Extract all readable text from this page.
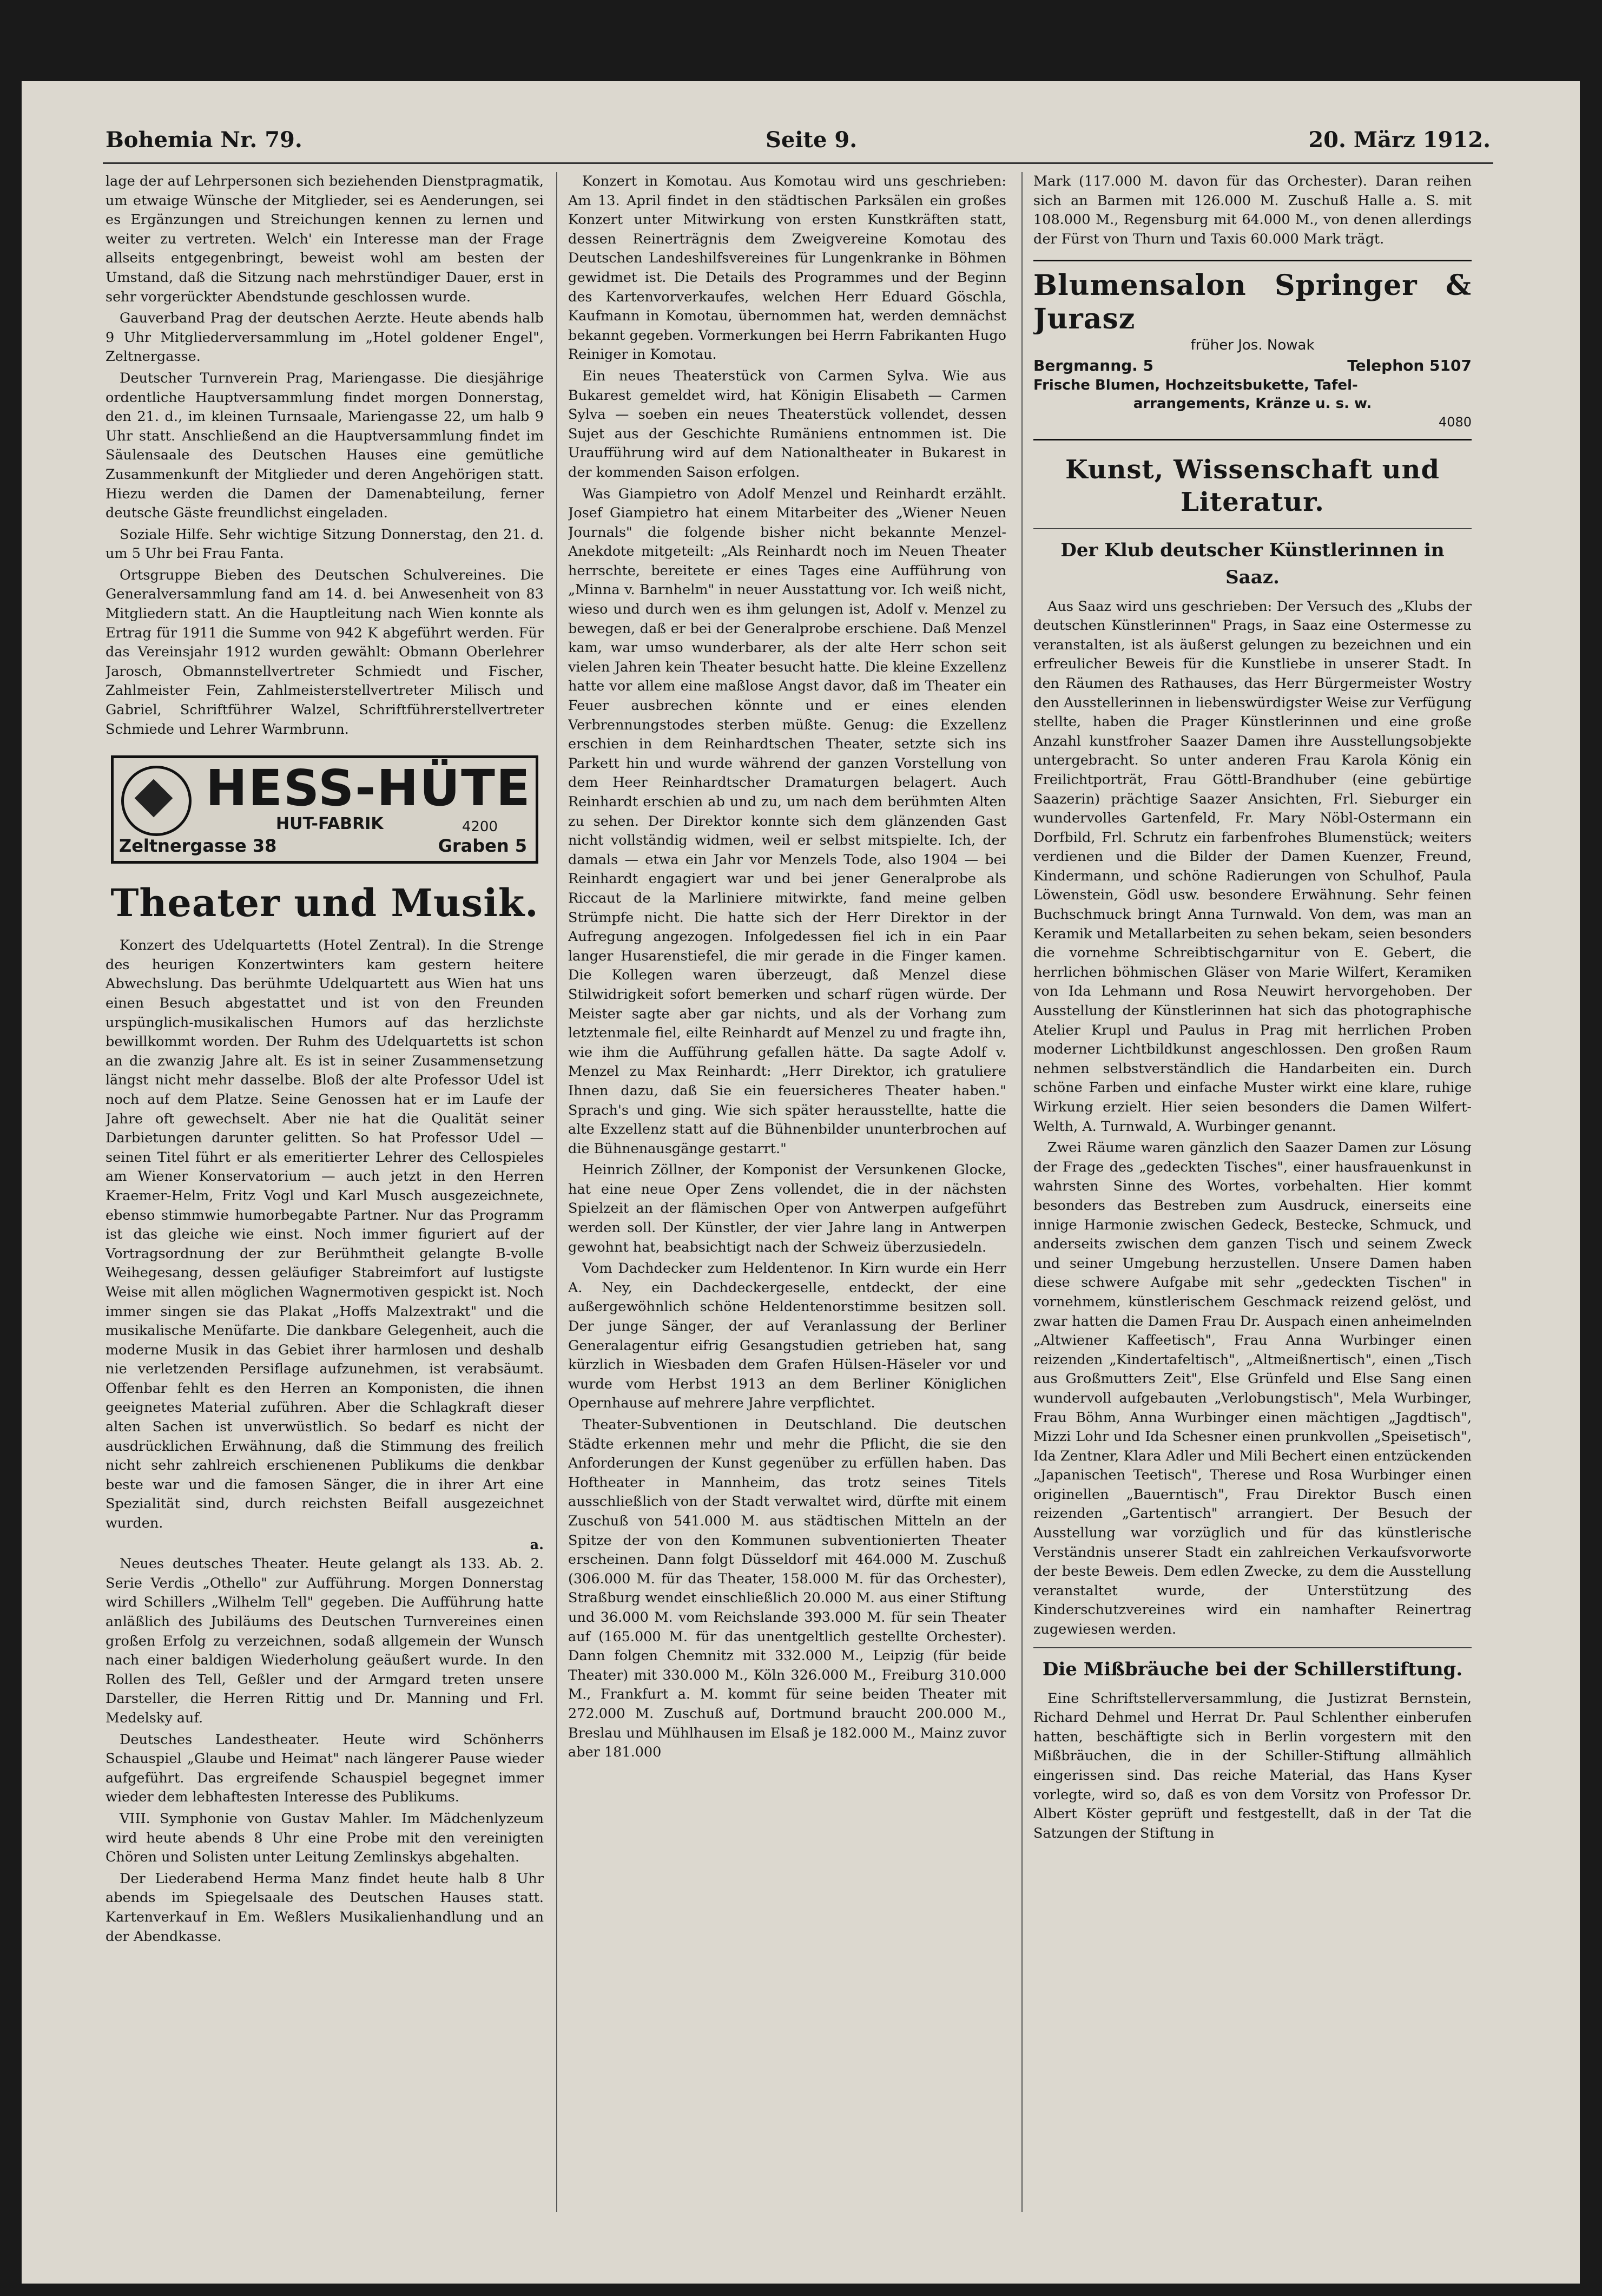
Bohemia Nr. 79.	Seite 9.	20. März 1912.

lage der auf Lehrpersonen sich beziehenden Dienstpragmatik, um etwaige Wünsche der Mitglieder, sei es Aenderungen, sei es Ergänzungen und Streichungen kennen zu lernen und weiter zu vertreten. Welch' ein Interesse man der Frage allseits entgegenbringt, beweist wohl am besten der Umstand, daß die Sitzung nach mehrstündiger Dauer, erst in sehr vorgerückter Abendstunde geschlossen wurde.

Gauverband Prag der deutschen Aerzte. Heute abends halb 9 Uhr Mitgliederversammlung im „Hotel goldener Engel", Zeltnergasse.

Deutscher Turnverein Prag, Mariengasse. Die diesjährige ordentliche Hauptversammlung findet morgen Donnerstag, den 21. d., im kleinen Turnsaale, Mariengasse 22, um halb 9 Uhr statt. Anschließend an die Hauptversammlung findet im Säulensaale des Deutschen Hauses eine gemütliche Zusammenkunft der Mitglieder und deren Angehörigen statt. Hiezu werden die Damen der Damenabteilung, ferner deutsche Gäste freundlichst eingeladen.

Soziale Hilfe. Sehr wichtige Sitzung Donnerstag, den 21. d. um 5 Uhr bei Frau Fanta.

Ortsgruppe Bieben des Deutschen Schulvereines. Die Generalversammlung fand am 14. d. bei Anwesenheit von 83 Mitgliedern statt. An die Hauptleitung nach Wien konnte als Ertrag für 1911 die Summe von 942 K abgeführt werden. Für das Vereinsjahr 1912 wurden gewählt: Obmann Oberlehrer Jarosch, Obmannstellvertreter Schmiedt und Fischer, Zahlmeister Fein, Zahlmeisterstellvertreter Milisch und Gabriel, Schriftführer Walzel, Schriftführerstellvertreter Schmiede und Lehrer Warmbrunn.

HESS-HÜTE
HUT-FABRIK	4200
Zeltnergasse 38	Graben 5
Theater und Musik.

Konzert des Udelquartetts (Hotel Zentral). In die Strenge des heurigen Konzertwinters kam gestern heitere Abwechslung. Das berühmte Udelquartett aus Wien hat uns einen Besuch abgestattet und ist von den Freunden urspünglich-musikalischen Humors auf das herzlichste bewillkommt worden. Der Ruhm des Udelquartetts ist schon an die zwanzig Jahre alt. Es ist in seiner Zusammensetzung längst nicht mehr dasselbe. Bloß der alte Professor Udel ist noch auf dem Platze. Seine Genossen hat er im Laufe der Jahre oft gewechselt. Aber nie hat die Qualität seiner Darbietungen darunter gelitten. So hat Professor Udel — seinen Titel führt er als emeritierter Lehrer des Cellospieles am Wiener Konservatorium — auch jetzt in den Herren Kraemer-Helm, Fritz Vogl und Karl Musch ausgezeichnete, ebenso stimmwie humorbegabte Partner. Nur das Programm ist das gleiche wie einst. Noch immer figuriert auf der Vortragsordnung der zur Berühmtheit gelangte B-volle Weihegesang, dessen geläufiger Stabreimfort auf lustigste Weise mit allen möglichen Wagnermotiven gespickt ist. Noch immer singen sie das Plakat „Hoffs Malzextrakt" und die musikalische Menüfarte. Die dankbare Gelegenheit, auch die moderne Musik in das Gebiet ihrer harmlosen und deshalb nie verletzenden Persiflage aufzunehmen, ist verabsäumt. Offenbar fehlt es den Herren an Komponisten, die ihnen geeignetes Material zuführen. Aber die Schlagkraft dieser alten Sachen ist unverwüstlich. So bedarf es nicht der ausdrücklichen Erwähnung, daß die Stimmung des freilich nicht sehr zahlreich erschienenen Publikums die denkbar beste war und die famosen Sänger, die in ihrer Art eine Spezialität sind, durch reichsten Beifall ausgezeichnet wurden.

a.

Neues deutsches Theater. Heute gelangt als 133. Ab. 2. Serie Verdis „Othello" zur Aufführung. Morgen Donnerstag wird Schillers „Wilhelm Tell" gegeben. Die Aufführung hatte anläßlich des Jubiläums des Deutschen Turnvereines einen großen Erfolg zu verzeichnen, sodaß allgemein der Wunsch nach einer baldigen Wiederholung geäußert wurde. In den Rollen des Tell, Geßler und der Armgard treten unsere Darsteller, die Herren Rittig und Dr. Manning und Frl. Medelsky auf.

Deutsches Landestheater. Heute wird Schönherrs Schauspiel „Glaube und Heimat" nach längerer Pause wieder aufgeführt. Das ergreifende Schauspiel begegnet immer wieder dem lebhaftesten Interesse des Publikums.

VIII. Symphonie von Gustav Mahler. Im Mädchenlyzeum wird heute abends 8 Uhr eine Probe mit den vereinigten Chören und Solisten unter Leitung Zemlinskys abgehalten.

Der Liederabend Herma Manz findet heute halb 8 Uhr abends im Spiegelsaale des Deutschen Hauses statt. Kartenverkauf in Em. Weßlers Musikalienhandlung und an der Abendkasse.

Konzert in Komotau. Aus Komotau wird uns geschrieben: Am 13. April findet in den städtischen Parksälen ein großes Konzert unter Mitwirkung von ersten Kunstkräften statt, dessen Reinerträgnis dem Zweigvereine Komotau des Deutschen Landeshilfsvereines für Lungenkranke in Böhmen gewidmet ist. Die Details des Programmes und der Beginn des Kartenvorverkaufes, welchen Herr Eduard Göschla, Kaufmann in Komotau, übernommen hat, werden demnächst bekannt gegeben. Vormerkungen bei Herrn Fabrikanten Hugo Reiniger in Komotau.

Ein neues Theaterstück von Carmen Sylva. Wie aus Bukarest gemeldet wird, hat Königin Elisabeth — Carmen Sylva — soeben ein neues Theaterstück vollendet, dessen Sujet aus der Geschichte Rumäniens entnommen ist. Die Uraufführung wird auf dem Nationaltheater in Bukarest in der kommenden Saison erfolgen.

Was Giampietro von Adolf Menzel und Reinhardt erzählt. Josef Giampietro hat einem Mitarbeiter des „Wiener Neuen Journals" die folgende bisher nicht bekannte Menzel-Anekdote mitgeteilt: „Als Reinhardt noch im Neuen Theater herrschte, bereitete er eines Tages eine Aufführung von „Minna v. Barnhelm" in neuer Ausstattung vor. Ich weiß nicht, wieso und durch wen es ihm gelungen ist, Adolf v. Menzel zu bewegen, daß er bei der Generalprobe erschiene. Daß Menzel kam, war umso wunderbarer, als der alte Herr schon seit vielen Jahren kein Theater besucht hatte. Die kleine Exzellenz hatte vor allem eine maßlose Angst davor, daß im Theater ein Feuer ausbrechen könnte und er eines elenden Verbrennungstodes sterben müßte. Genug: die Exzellenz erschien in dem Reinhardtschen Theater, setzte sich ins Parkett hin und wurde während der ganzen Vorstellung von dem Heer Reinhardtscher Dramaturgen belagert. Auch Reinhardt erschien ab und zu, um nach dem berühmten Alten zu sehen. Der Direktor konnte sich dem glänzenden Gast nicht vollständig widmen, weil er selbst mitspielte. Ich, der damals — etwa ein Jahr vor Menzels Tode, also 1904 — bei Reinhardt engagiert war und bei jener Generalprobe als Riccaut de la Marliniere mitwirkte, fand meine gelben Strümpfe nicht. Die hatte sich der Herr Direktor in der Aufregung angezogen. Infolgedessen fiel ich in ein Paar langer Husarenstiefel, die mir gerade in die Finger kamen. Die Kollegen waren überzeugt, daß Menzel diese Stilwidrigkeit sofort bemerken und scharf rügen würde. Der Meister sagte aber gar nichts, und als der Vorhang zum letztenmale fiel, eilte Reinhardt auf Menzel zu und fragte ihn, wie ihm die Aufführung gefallen hätte. Da sagte Adolf v. Menzel zu Max Reinhardt: „Herr Direktor, ich gratuliere Ihnen dazu, daß Sie ein feuersicheres Theater haben." Sprach's und ging. Wie sich später herausstellte, hatte die alte Exzellenz statt auf die Bühnenbilder ununterbrochen auf die Bühnenausgänge gestarrt."

Heinrich Zöllner, der Komponist der Versunkenen Glocke, hat eine neue Oper Zens vollendet, die in der nächsten Spielzeit an der flämischen Oper von Antwerpen aufgeführt werden soll. Der Künstler, der vier Jahre lang in Antwerpen gewohnt hat, beabsichtigt nach der Schweiz überzusiedeln.

Vom Dachdecker zum Heldentenor. In Kirn wurde ein Herr A. Ney, ein Dachdeckergeselle, entdeckt, der eine außergewöhnlich schöne Heldentenorstimme besitzen soll. Der junge Sänger, der auf Veranlassung der Berliner Generalagentur eifrig Gesangstudien getrieben hat, sang kürzlich in Wiesbaden dem Grafen Hülsen-Häseler vor und wurde vom Herbst 1913 an dem Berliner Königlichen Opernhause auf mehrere Jahre verpflichtet.

Theater-Subventionen in Deutschland. Die deutschen Städte erkennen mehr und mehr die Pflicht, die sie den Anforderungen der Kunst gegenüber zu erfüllen haben. Das Hoftheater in Mannheim, das trotz seines Titels ausschließlich von der Stadt verwaltet wird, dürfte mit einem Zuschuß von 541.000 M. aus städtischen Mitteln an der Spitze der von den Kommunen subventionierten Theater erscheinen. Dann folgt Düsseldorf mit 464.000 M. Zuschuß (306.000 M. für das Theater, 158.000 M. für das Orchester), Straßburg wendet einschließlich 20.000 M. aus einer Stiftung und 36.000 M. vom Reichslande 393.000 M. für sein Theater auf (165.000 M. für das unentgeltlich gestellte Orchester). Dann folgen Chemnitz mit 332.000 M., Leipzig (für beide Theater) mit 330.000 M., Köln 326.000 M., Freiburg 310.000 M., Frankfurt a. M. kommt für seine beiden Theater mit 272.000 M. Zuschuß auf, Dortmund braucht 200.000 M., Breslau und Mühlhausen im Elsaß je 182.000 M., Mainz zuvor aber 181.000

Mark (117.000 M. davon für das Orchester). Daran reihen sich an Barmen mit 126.000 M. Zuschuß Halle a. S. mit 108.000 M., Regensburg mit 64.000 M., von denen allerdings der Fürst von Thurn und Taxis 60.000 Mark trägt.

Blumensalon Springer & Jurasz
früher Jos. Nowak
Bergmanng. 5	Telephon 5107
Frische Blumen, Hochzeitsbukette, Tafel-
arrangements, Kränze u. s. w.
4080
Kunst, Wissenschaft und Literatur.
Der Klub deutscher Künstlerinnen in Saaz.

Aus Saaz wird uns geschrieben: Der Versuch des „Klubs der deutschen Künstlerinnen" Prags, in Saaz eine Ostermesse zu veranstalten, ist als äußerst gelungen zu bezeichnen und ein erfreulicher Beweis für die Kunstliebe in unserer Stadt. In den Räumen des Rathauses, das Herr Bürgermeister Wostry den Ausstellerinnen in liebenswürdigster Weise zur Verfügung stellte, haben die Prager Künstlerinnen und eine große Anzahl kunstfroher Saazer Damen ihre Ausstellungsobjekte untergebracht. So unter anderen Frau Karola König ein Freilichtporträt, Frau Göttl-Brandhuber (eine gebürtige Saazerin) prächtige Saazer Ansichten, Frl. Sieburger ein wundervolles Gartenfeld, Fr. Mary Nöbl-Ostermann ein Dorfbild, Frl. Schrutz ein farbenfrohes Blumenstück; weiters verdienen und die Bilder der Damen Kuenzer, Freund, Kindermann, und schöne Radierungen von Schulhof, Paula Löwenstein, Gödl usw. besondere Erwähnung. Sehr feinen Buchschmuck bringt Anna Turnwald. Von dem, was man an Keramik und Metallarbeiten zu sehen bekam, seien besonders die vornehme Schreibtischgarnitur von E. Gebert, die herrlichen böhmischen Gläser von Marie Wilfert, Keramiken von Ida Lehmann und Rosa Neuwirt hervorgehoben. Der Ausstellung der Künstlerinnen hat sich das photographische Atelier Krupl und Paulus in Prag mit herrlichen Proben moderner Lichtbildkunst angeschlossen. Den großen Raum nehmen selbstverständlich die Handarbeiten ein. Durch schöne Farben und einfache Muster wirkt eine klare, ruhige Wirkung erzielt. Hier seien besonders die Damen Wilfert-Welth, A. Turnwald, A. Wurbinger genannt.

Zwei Räume waren gänzlich den Saazer Damen zur Lösung der Frage des „gedeckten Tisches", einer hausfrauenkunst in wahrsten Sinne des Wortes, vorbehalten. Hier kommt besonders das Bestreben zum Ausdruck, einerseits eine innige Harmonie zwischen Gedeck, Bestecke, Schmuck, und anderseits zwischen dem ganzen Tisch und seinem Zweck und seiner Umgebung herzustellen. Unsere Damen haben diese schwere Aufgabe mit sehr „gedeckten Tischen" in vornehmem, künstlerischem Geschmack reizend gelöst, und zwar hatten die Damen Frau Dr. Auspach einen anheimelnden „Altwiener Kaffeetisch", Frau Anna Wurbinger einen reizenden „Kindertafeltisch", „Altmeißnertisch", einen „Tisch aus Großmutters Zeit", Else Grünfeld und Else Sang einen wundervoll aufgebauten „Verlobungstisch", Mela Wurbinger, Frau Böhm, Anna Wurbinger einen mächtigen „Jagdtisch", Mizzi Lohr und Ida Schesner einen prunkvollen „Speisetisch", Ida Zentner, Klara Adler und Mili Bechert einen entzückenden „Japanischen Teetisch", Therese und Rosa Wurbinger einen originellen „Bauerntisch", Frau Direktor Busch einen reizenden „Gartentisch" arrangiert. Der Besuch der Ausstellung war vorzüglich und für das künstlerische Verständnis unserer Stadt ein zahlreichen Verkaufsvorworte der beste Beweis. Dem edlen Zwecke, zu dem die Ausstellung veranstaltet wurde, der Unterstützung des Kinderschutzvereines wird ein namhafter Reinertrag zugewiesen werden.

Die Mißbräuche bei der Schillerstiftung.

Eine Schriftstellerversammlung, die Justizrat Bernstein, Richard Dehmel und Herrat Dr. Paul Schlenther einberufen hatten, beschäftigte sich in Berlin vorgestern mit den Mißbräuchen, die in der Schiller-Stiftung allmählich eingerissen sind. Das reiche Material, das Hans Kyser vorlegte, wird so, daß es von dem Vorsitz von Professor Dr. Albert Köster geprüft und festgestellt, daß in der Tat die Satzungen der Stiftung in
